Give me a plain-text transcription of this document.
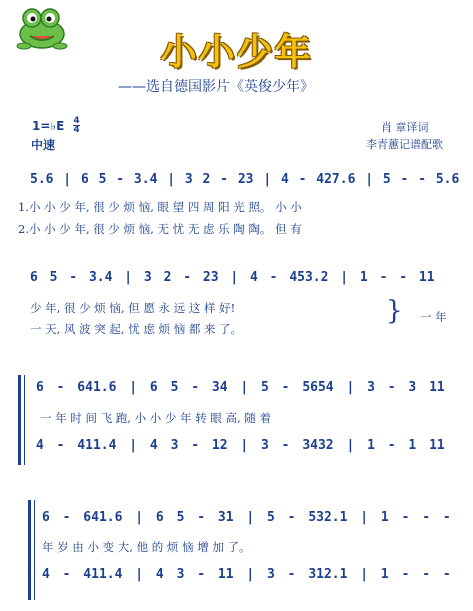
小小少年
——选自德国影片《英俊少年》
1=♭E 4
4
中速
肖 章译词
李青蕙记谱配歌
5.6 | 6 5 - 3.4 | 3 2 - 23 | 4 - 427.6 | 5 - - 5.6
1.小 小 少 年, 很 少 烦 恼, 眼 望 四 周 阳 光 照。 小 小
2.小 小 少 年, 很 少 烦 恼, 无 忧 无 虑 乐 陶 陶。 但 有
6 5 - 3.4 | 3 2 - 23 | 4 - 453.2 | 1 - - 11
少 年, 很 少 烦 恼, 但 愿 永 远 这 样 好!
一 天, 风 波 突 起, 忧 虑 烦 恼 都 来 了。
} 一 年
6 - 641.6 | 6 5 - 34 | 5 - 5654 | 3 - 3 11
一 年 时 间 飞 跑, 小 小 少 年 转 眼 高, 随 着
4 - 411.4 | 4 3 - 12 | 3 - 3432 | 1 - 1 11
6 - 641.6 | 6 5 - 31 | 5 - 532.1 | 1 - - -
年 岁 由 小 变 大, 他 的 烦 恼 增 加 了。
4 - 411.4 | 4 3 - 11 | 3 - 312.1 | 1 - - -
